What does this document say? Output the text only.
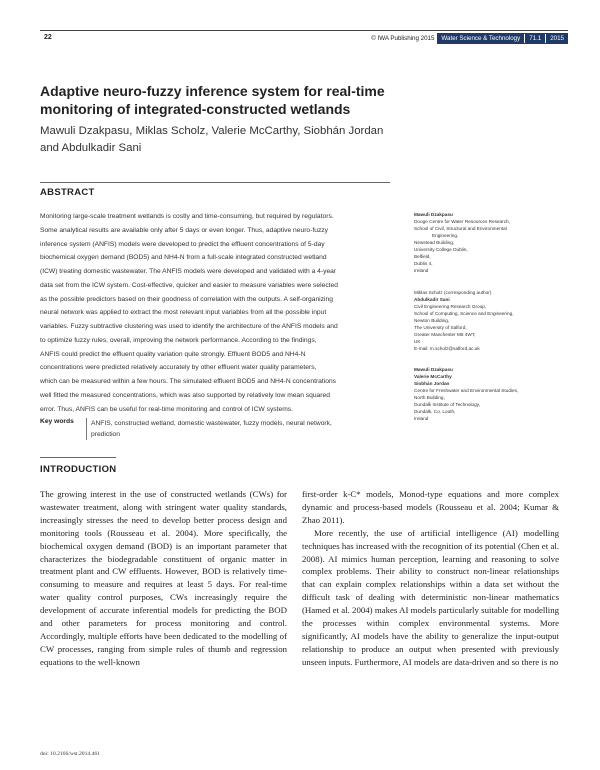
22	© IWA Publishing 2015	Water Science & Technology 71.1 2015
Adaptive neuro-fuzzy inference system for real-time
monitoring of integrated-constructed wetlands
Mawuli Dzakpasu, Miklas Scholz, Valerie McCarthy, Siobhán Jordan
and Abdulkadir Sani
ABSTRACT
Monitoring large-scale treatment wetlands is costly and time-consuming, but required by regulators.
Some analytical results are available only after 5 days or even longer. Thus, adaptive neuro-fuzzy
inference system (ANFIS) models were developed to predict the effluent concentrations of 5-day
biochemical oxygen demand (BOD5) and NH4-N from a full-scale integrated constructed wetland
(ICW) treating domestic wastewater. The ANFIS models were developed and validated with a 4-year
data set from the ICW system. Cost-effective, quicker and easier to measure variables were selected
as the possible predictors based on their goodness of correlation with the outputs. A self-organizing
neural network was applied to extract the most relevant input variables from all the possible input
variables. Fuzzy subtractive clustering was used to identify the architecture of the ANFIS models and
to optimize fuzzy rules, overall, improving the network performance. According to the findings,
ANFIS could predict the effluent quality variation quite strongly. Effluent BOD5 and NH4-N
concentrations were predicted relatively accurately by other effluent water quality parameters,
which can be measured within a few hours. The simulated effluent BOD5 and NH4-N concentrations
well fitted the measured concentrations, which was also supported by relatively low mean squared
error. Thus, ANFIS can be useful for real-time monitoring and control of ICW systems.
Key words	ANFIS, constructed wetland, domestic wastewater, fuzzy models, neural network,
prediction
Mawuli Dzakpasu
Dooge Centre for Water Resources Research,
School of Civil, Structural and Environmental
Engineering,
Newstead Building,
University College Dublin,
Belfield,
Dublin 4,
Ireland
Miklas Scholz (corresponding author)
Abdulkadir Sani
Civil Engineering Research Group,
School of Computing, Science and Engineering,
Newton Building,
The University of Salford,
Greater Manchester M5 4WT,
UK
E-mail: m.scholz@salford.ac.uk
Mawuli Dzakpasu
Valerie McCarthy
Siobhán Jordan
Centre for Freshwater and Environmental Studies,
North Building,
Dundalk Institute of Technology,
Dundalk, Co. Louth,
Ireland
INTRODUCTION

The growing interest in the use of constructed wetlands (CWs) for wastewater treatment, along with stringent water quality standards, increasingly stresses the need to develop better process design and monitoring tools (Rousseau et al. 2004). More specifically, the biochemical oxygen demand (BOD) is an important parameter that characterizes the biodegradable constituent of organic matter in treatment plant and CW effluents. However, BOD is relatively time-consuming to measure and requires at least 5 days. For real-time water quality control purposes, CWs increasingly require the development of accurate inferential models for predicting the BOD and other parameters for process monitoring and control. Accordingly, multiple efforts have been dedicated to the modelling of CW processes, ranging from simple rules of thumb and regression equations to the well-known

first-order k-C* models, Monod-type equations and more complex dynamic and process-based models (Rousseau et al. 2004; Kumar & Zhao 2011).

More recently, the use of artificial intelligence (AI) modelling techniques has increased with the recognition of its potential (Chen et al. 2008). AI mimics human perception, learning and reasoning to solve complex problems. Their ability to construct non-linear relationships that can explain complex relationships within a data set without the difficult task of dealing with deterministic non-linear mathematics (Hamed et al. 2004) makes AI models particularly suitable for modelling the processes within complex environmental systems. More significantly, AI models have the ability to generalize the input-output relationship to produce an output when presented with previously unseen inputs. Furthermore, AI models are data-driven and so there is no

doi: 10.2166/wst.2014.461
